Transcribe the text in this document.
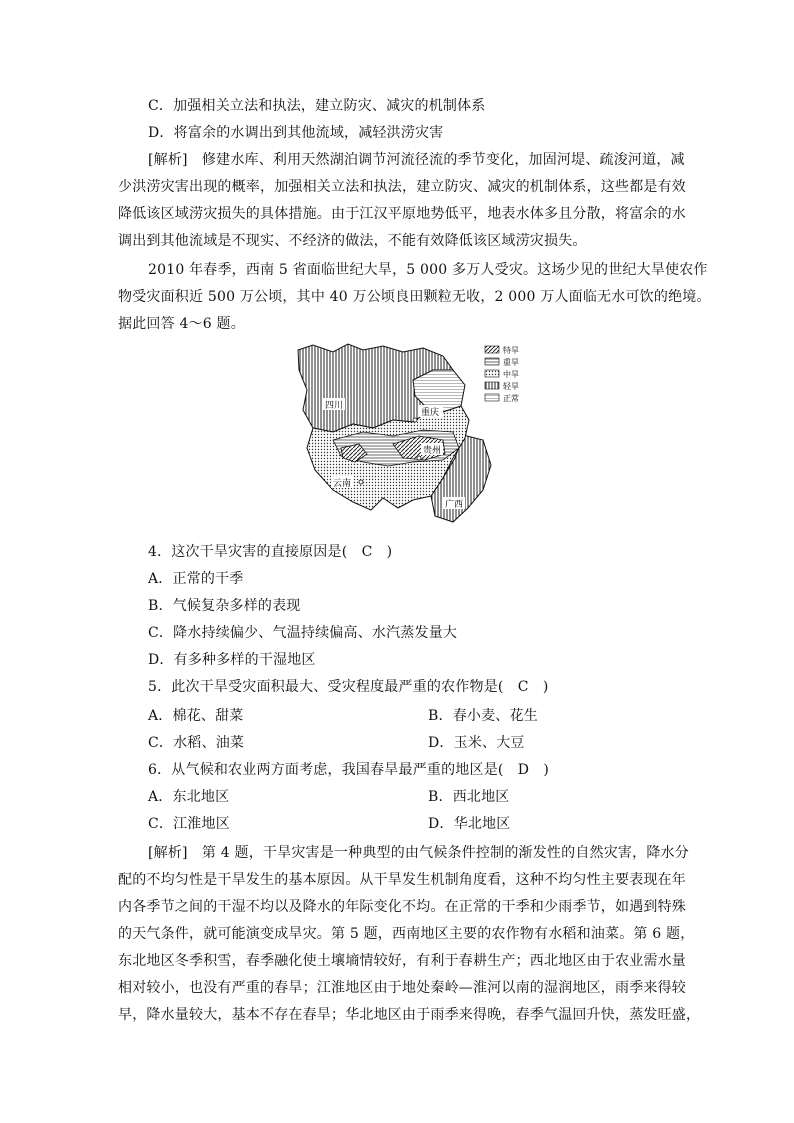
C．加强相关立法和执法，建立防灾、减灾的机制体系
D．将富余的水调出到其他流域，减轻洪涝灾害
[解析]　修建水库、利用天然湖泊调节河流径流的季节变化，加固河堤、疏浚河道，减
少洪涝灾害出现的概率，加强相关立法和执法，建立防灾、减灾的机制体系，这些都是有效
降低该区域涝灾损失的具体措施。由于江汉平原地势低平，地表水体多且分散，将富余的水
调出到其他流域是不现实、不经济的做法，不能有效降低该区域涝灾损失。
2010 年春季，西南 5 省面临世纪大旱，5 000 多万人受灾。这场少见的世纪大旱使农作
物受灾面积近 500 万公顷，其中 40 万公顷良田颗粒无收，2 000 万人面临无水可饮的绝境。
据此回答 4～6 题。
四川
重庆
贵州
云南
广西
特旱
重旱
中旱
轻旱
正常
4．这次干旱灾害的直接原因是(　C　)
A．正常的干季
B．气候复杂多样的表现
C．降水持续偏少、气温持续偏高、水汽蒸发量大
D．有多种多样的干湿地区
5．此次干旱受灾面积最大、受灾程度最严重的农作物是(　C　)
A．棉花、甜菜	B．春小麦、花生
C．水稻、油菜	D．玉米、大豆
6．从气候和农业两方面考虑，我国春旱最严重的地区是(　D　)
A．东北地区	B．西北地区
C．江淮地区	D．华北地区
[解析]　第 4 题，干旱灾害是一种典型的由气候条件控制的渐发性的自然灾害，降水分
配的不均匀性是干旱发生的基本原因。从干旱发生机制角度看，这种不均匀性主要表现在年
内各季节之间的干湿不均以及降水的年际变化不均。在正常的干季和少雨季节，如遇到特殊
的天气条件，就可能演变成旱灾。第 5 题，西南地区主要的农作物有水稻和油菜。第 6 题，
东北地区冬季积雪，春季融化使土壤墒情较好，有利于春耕生产；西北地区由于农业需水量
相对较小，也没有严重的春旱；江淮地区由于地处秦岭—淮河以南的湿润地区，雨季来得较
早，降水量较大，基本不存在春旱；华北地区由于雨季来得晚，春季气温回升快，蒸发旺盛，
